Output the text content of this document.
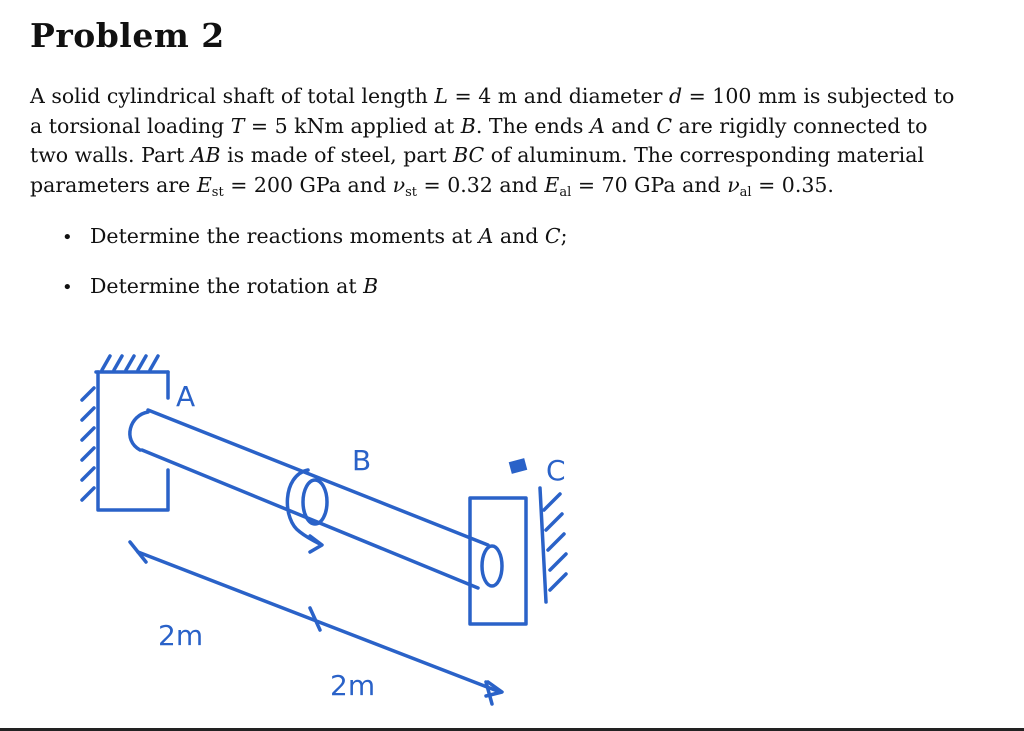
Problem 2
A solid cylindrical shaft of total length L = 4 m and diameter d = 100 mm is subjected to
a torsional loading T = 5 kNm applied at B. The ends A and C are rigidly connected to
two walls. Part AB is made of steel, part BC of aluminum. The corresponding material
parameters are $E_{st} = 200$ GPa and $\nu_{st} = 0.32$ and $E_{al} = 70$ GPa and $\nu_{al} = 0.35$.
• Determine the reactions moments at A and C;
• Determine the rotation at B
A
B	C
2m
2m
